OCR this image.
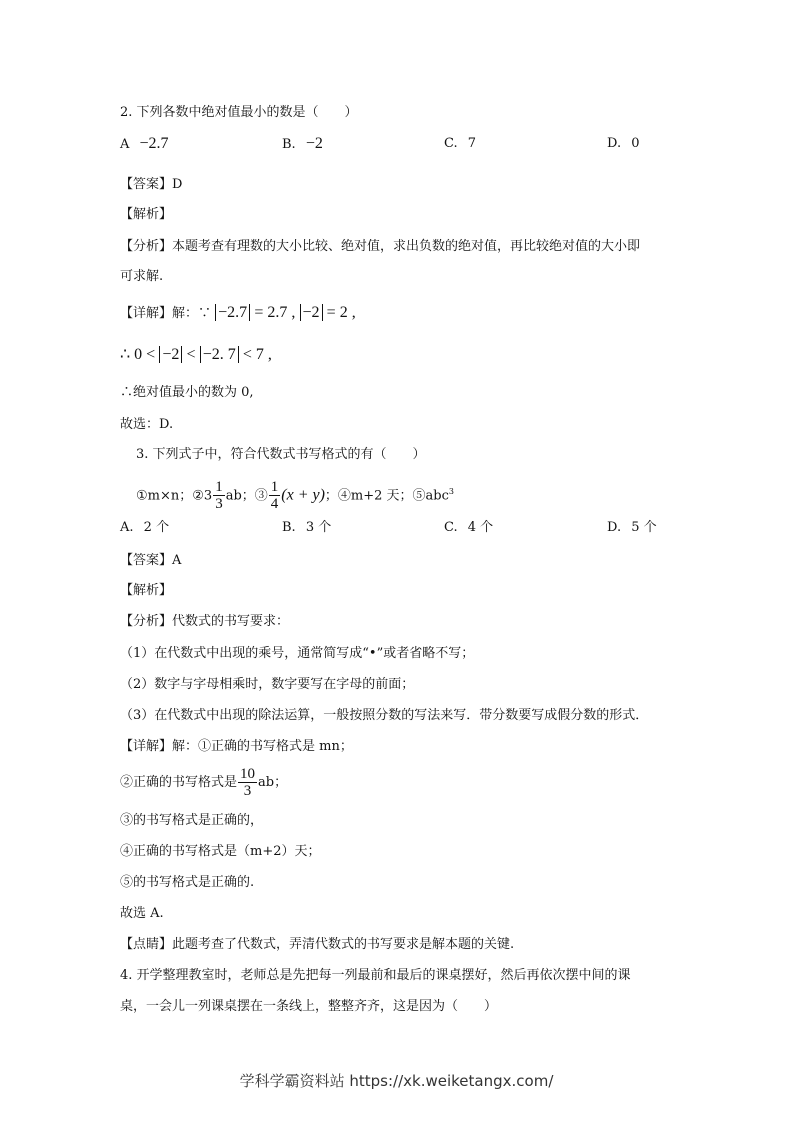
2. 下列各数中绝对值最小的数是（　　）
A −2.7	B. −2	C. 7	D. 0
【答案】D
【解析】
【分析】本题考查有理数的大小比较、绝对值，求出负数的绝对值，再比较绝对值的大小即
可求解.
【详解】解：∵ −2.7 = 2.7 , −2 = 2 ,
∴ 0 < −2 < −2. 7 < 7 ,
∴绝对值最小的数为 0,
故选：D.
3. 下列式子中，符合代数式书写格式的有（　　）
①m×n；②3 $\frac{1}{3}$ ab；③ $\frac{1}{4} (x + y)$；④m+2 天；⑤abc$^3$
A. 2 个	B. 3 个	C. 4 个	D. 5 个
【答案】A
【解析】
【分析】代数式的书写要求：
（1）在代数式中出现的乘号，通常简写成“•”或者省略不写；
（2）数字与字母相乘时，数字要写在字母的前面；
（3）在代数式中出现的除法运算，一般按照分数的写法来写．带分数要写成假分数的形式．
【详解】解：①正确的书写格式是 mn；
②正确的书写格式是 $\frac{10}{3}$ ab；
③的书写格式是正确的，
④正确的书写格式是（m+2）天；
⑤的书写格式是正确的.
故选 A.
【点睛】此题考查了代数式，弄清代数式的书写要求是解本题的关键.
4. 开学整理教室时，老师总是先把每一列最前和最后的课桌摆好，然后再依次摆中间的课
桌，一会儿一列课桌摆在一条线上，整整齐齐，这是因为（　　）
学科学霸资料站 https://xk.weiketangx.com/
